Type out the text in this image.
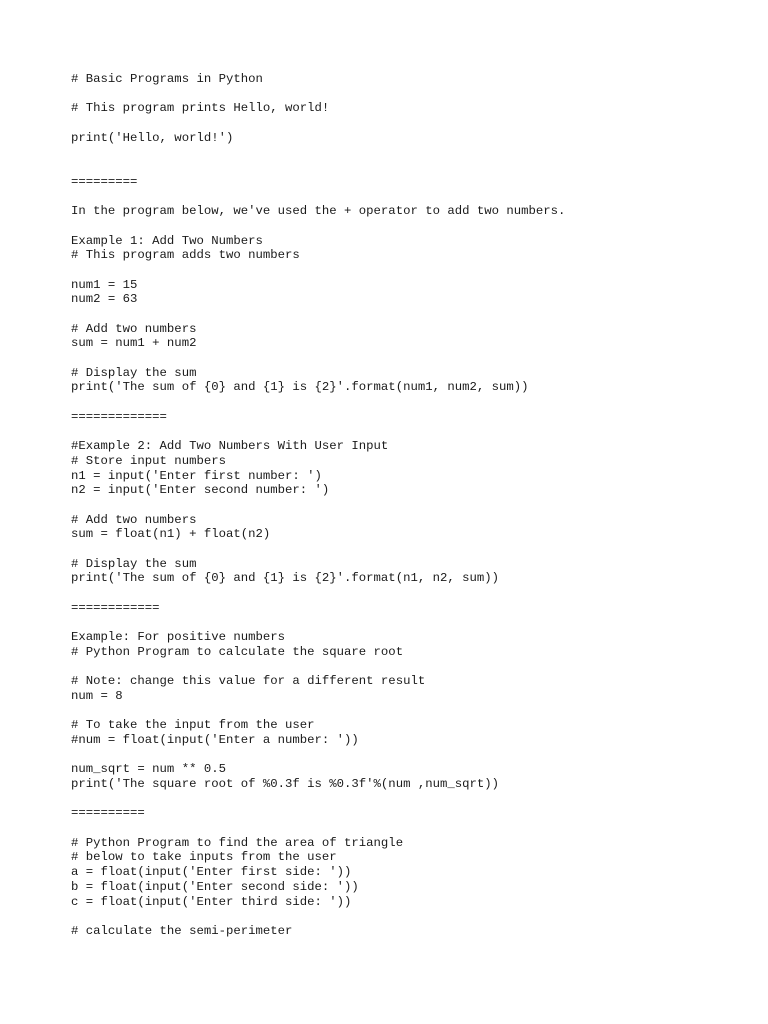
# Basic Programs in Python
# This program prints Hello, world!
print('Hello, world!')
=========
In the program below, we've used the + operator to add two numbers.
Example 1: Add Two Numbers
# This program adds two numbers
num1 = 15
num2 = 63
# Add two numbers
sum = num1 + num2
# Display the sum
print('The sum of {0} and {1} is {2}'.format(num1, num2, sum))
=============
#Example 2: Add Two Numbers With User Input
# Store input numbers
n1 = input('Enter first number: ')
n2 = input('Enter second number: ')
# Add two numbers
sum = float(n1) + float(n2)
# Display the sum
print('The sum of {0} and {1} is {2}'.format(n1, n2, sum))
============
Example: For positive numbers
# Python Program to calculate the square root
# Note: change this value for a different result
num = 8
# To take the input from the user
#num = float(input('Enter a number: '))
num_sqrt = num ** 0.5
print('The square root of %0.3f is %0.3f'%(num ,num_sqrt))
==========
# Python Program to find the area of triangle
# below to take inputs from the user
a = float(input('Enter first side: '))
b = float(input('Enter second side: '))
c = float(input('Enter third side: '))
# calculate the semi-perimeter
